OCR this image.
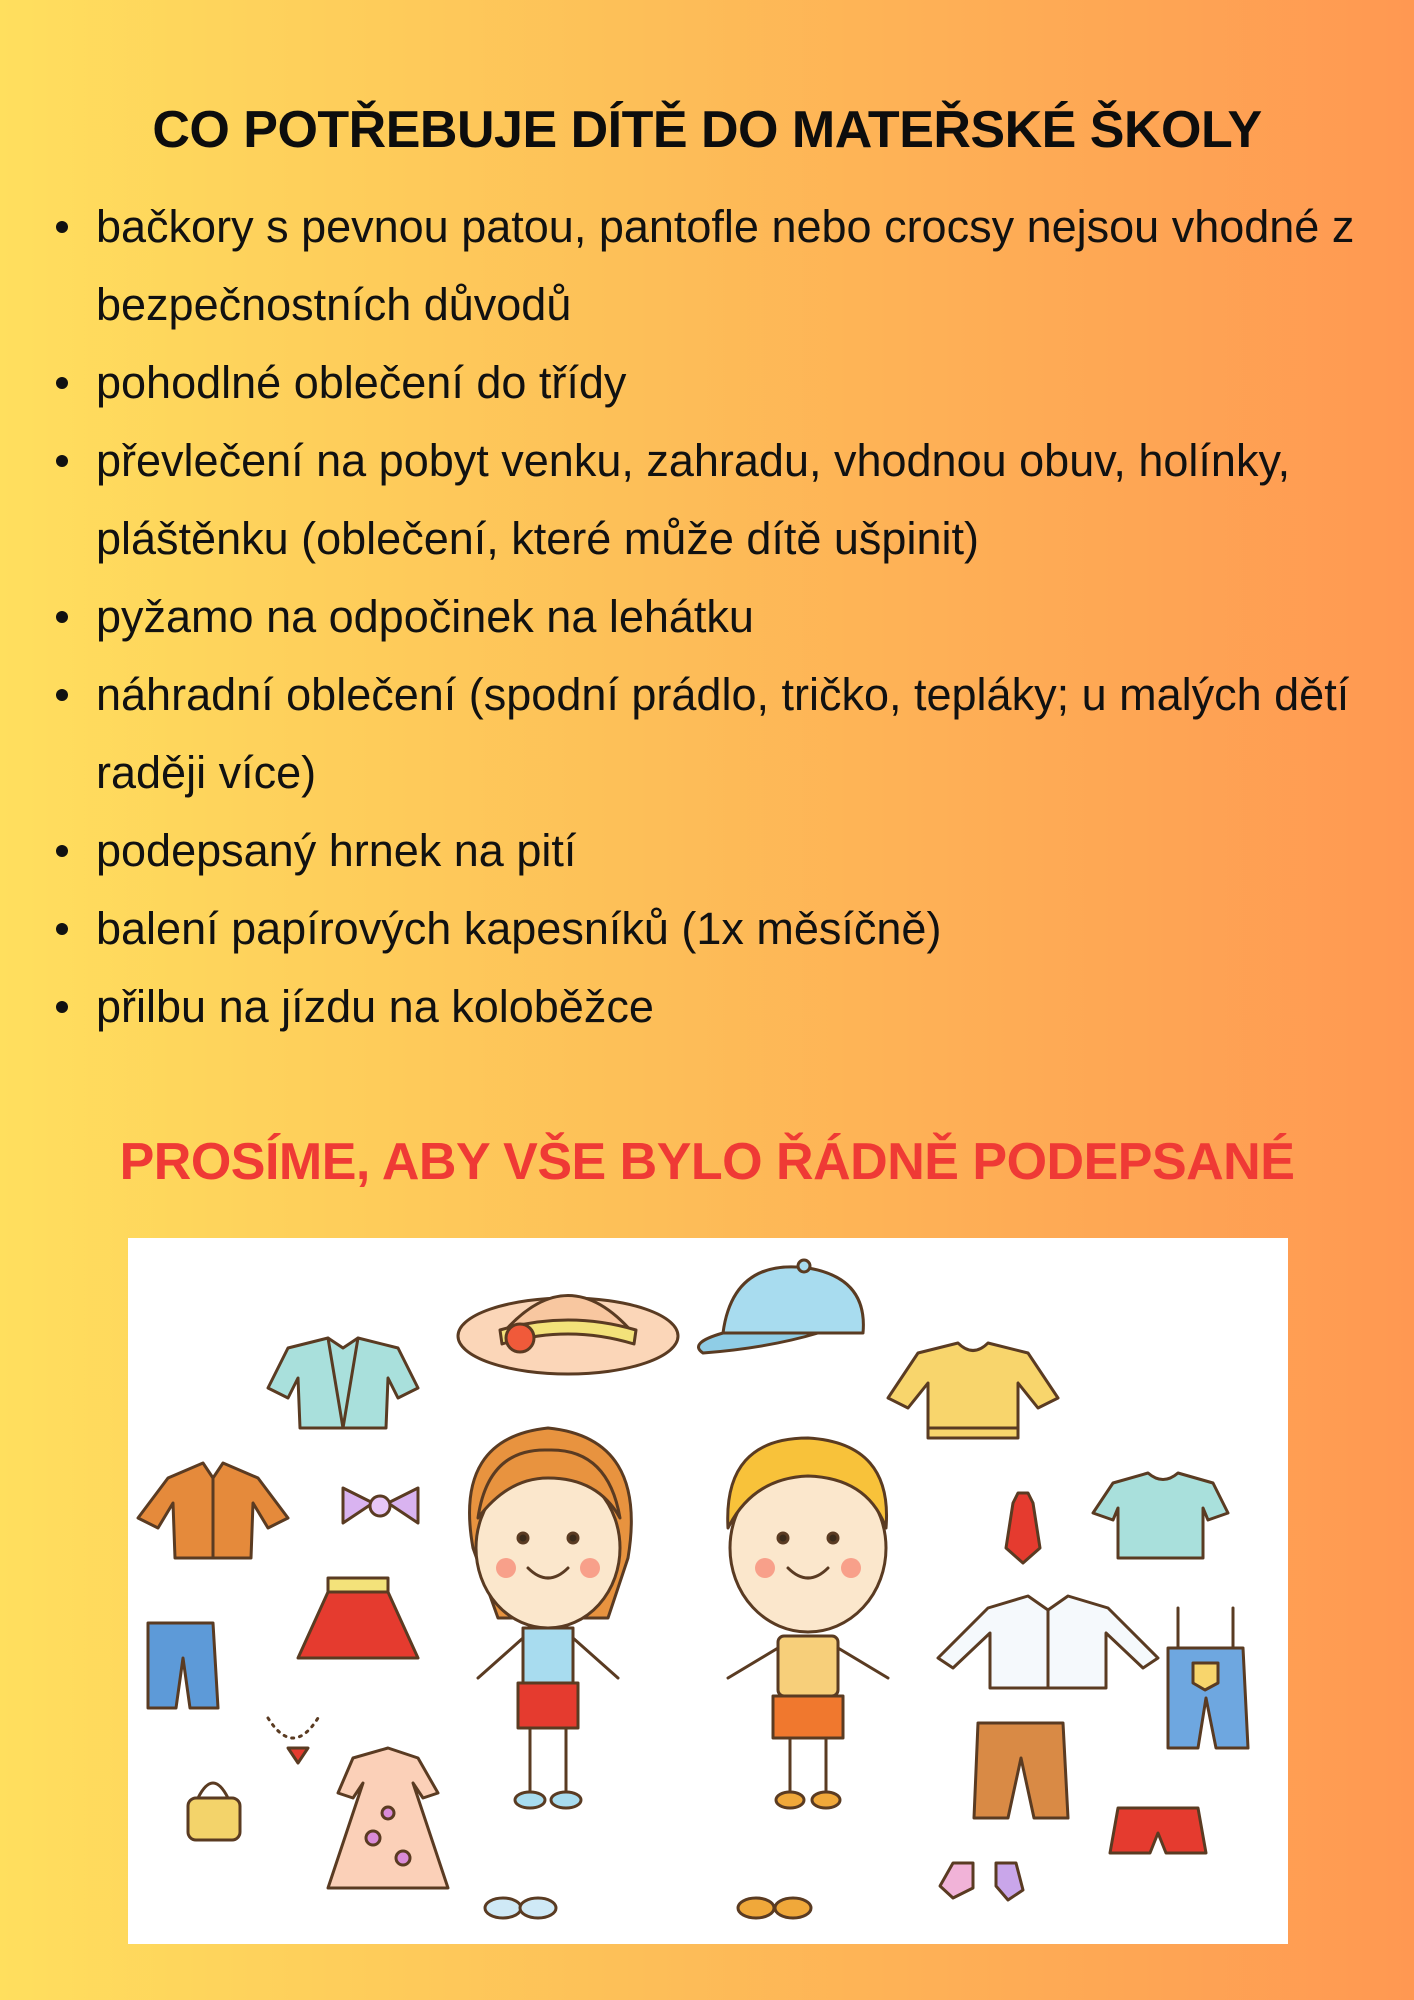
CO POTŘEBUJE DÍTĚ DO MATEŘSKÉ ŠKOLY
bačkory s pevnou patou, pantofle nebo crocsy nejsou vhodné z bezpečnostních důvodů
pohodlné oblečení do třídy
převlečení na pobyt venku, zahradu, vhodnou obuv, holínky, pláštěnku (oblečení, které může dítě ušpinit)
pyžamo na odpočinek na lehátku
náhradní oblečení (spodní prádlo, tričko, tepláky; u malých dětí raději více)
podepsaný hrnek na pití
balení papírových kapesníků (1x měsíčně)
přilbu na jízdu na koloběžce

PROSÍME, ABY VŠE BYLO ŘÁDNĚ PODEPSANÉ
